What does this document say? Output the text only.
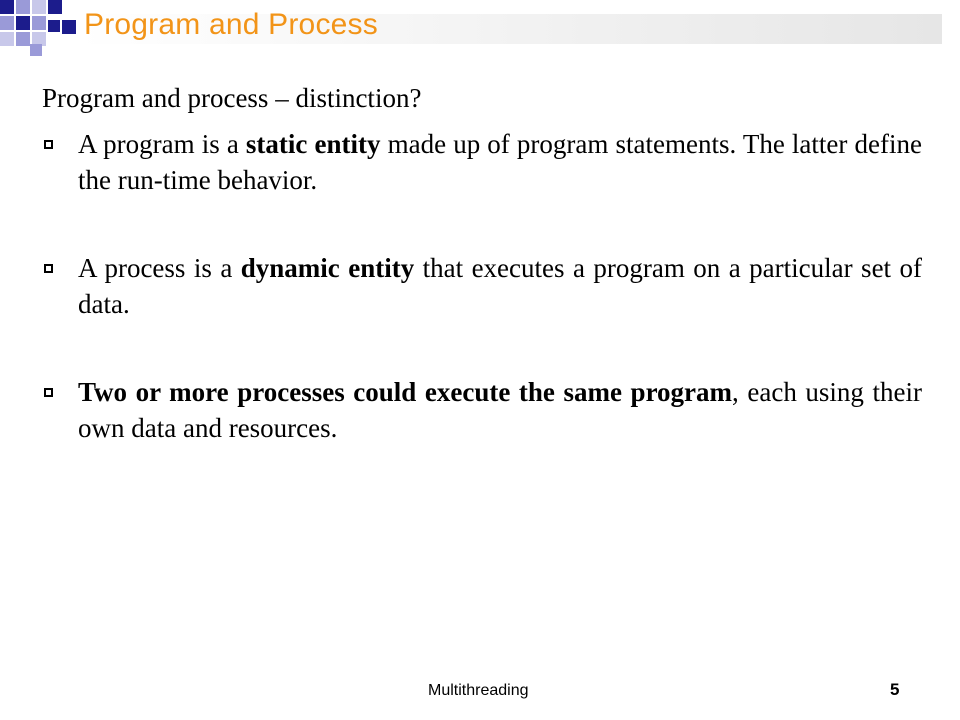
Program and Process

Program and process – distinction?

A program is a static entity made up of program statements. The latter define the run-time behavior.
A process is a dynamic entity that executes a program on a particular set of data.
Two or more processes could execute the same program, each using their own data and resources.
Multithreading	5
